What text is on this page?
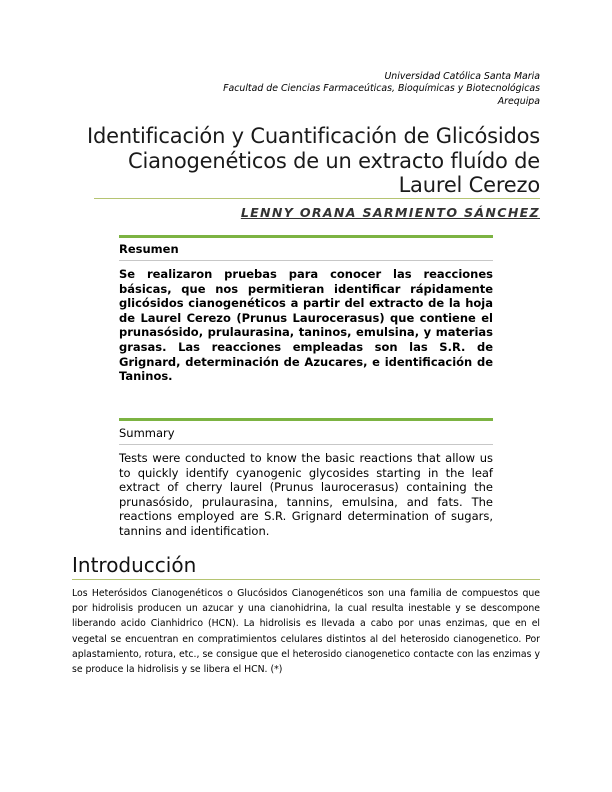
Universidad Católica Santa Maria
Facultad de Ciencias Farmaceúticas, Bioquímicas y Biotecnológicas
Arequipa
Identificación y Cuantificación de Glicósidos
Cianogenéticos de un extracto fluído de
Laurel Cerezo
LENNY ORANA SARMIENTO SÁNCHEZ
Resumen
Se realizaron pruebas para conocer las reacciones básicas, que nos permitieran identificar rápidamente glicósidos cianogenéticos a partir del extracto de la hoja de Laurel Cerezo (Prunus Laurocerasus) que contiene el prunasósido, prulaurasina, taninos, emulsina, y materias grasas. Las reacciones empleadas son las S.R. de Grignard, determinación de Azucares, e identificación de Taninos.
Summary
Tests were conducted to know the basic reactions that allow us to quickly identify cyanogenic glycosides starting in the leaf extract of cherry laurel (Prunus laurocerasus) containing the prunasósido, prulaurasina, tannins, emulsina, and fats. The reactions employed are S.R. Grignard determination of sugars, tannins and identification.
Introducción
Los Heterósidos Cianogenéticos o Glucósidos Cianogenéticos son una familia de compuestos que por hidrolisis producen un azucar y una cianohidrina, la cual resulta inestable y se descompone liberando acido Cianhidrico (HCN). La hidrolisis es llevada a cabo por unas enzimas, que en el vegetal se encuentran en compratimientos celulares distintos al del heterosido cianogenetico. Por aplastamiento, rotura, etc., se consigue que el heterosido cianogenetico contacte con las enzimas y se produce la hidrolisis y se libera el HCN. (*)
